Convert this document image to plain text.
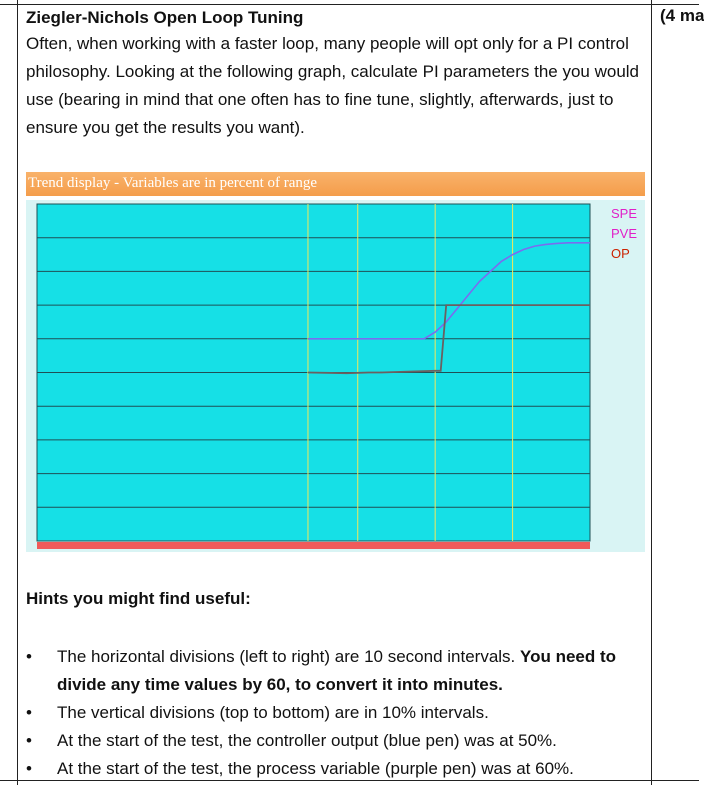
(4 ma
Ziegler-Nichols Open Loop Tuning

Often, when working with a faster loop, many people will opt only for a PI control philosophy. Looking at the following graph, calculate PI parameters the you would use (bearing in mind that one often has to fine tune, slightly, afterwards, just to ensure you get the results you want).

Trend display - Variables are in percent of range
SPE
PVE
OP
Hints you might find useful:
• The horizontal divisions (left to right) are 10 second intervals. You need to divide any time values by 60, to convert it into minutes.
• The vertical divisions (top to bottom) are in 10% intervals.
• At the start of the test, the controller output (blue pen) was at 50%.
• At the start of the test, the process variable (purple pen) was at 60%.
